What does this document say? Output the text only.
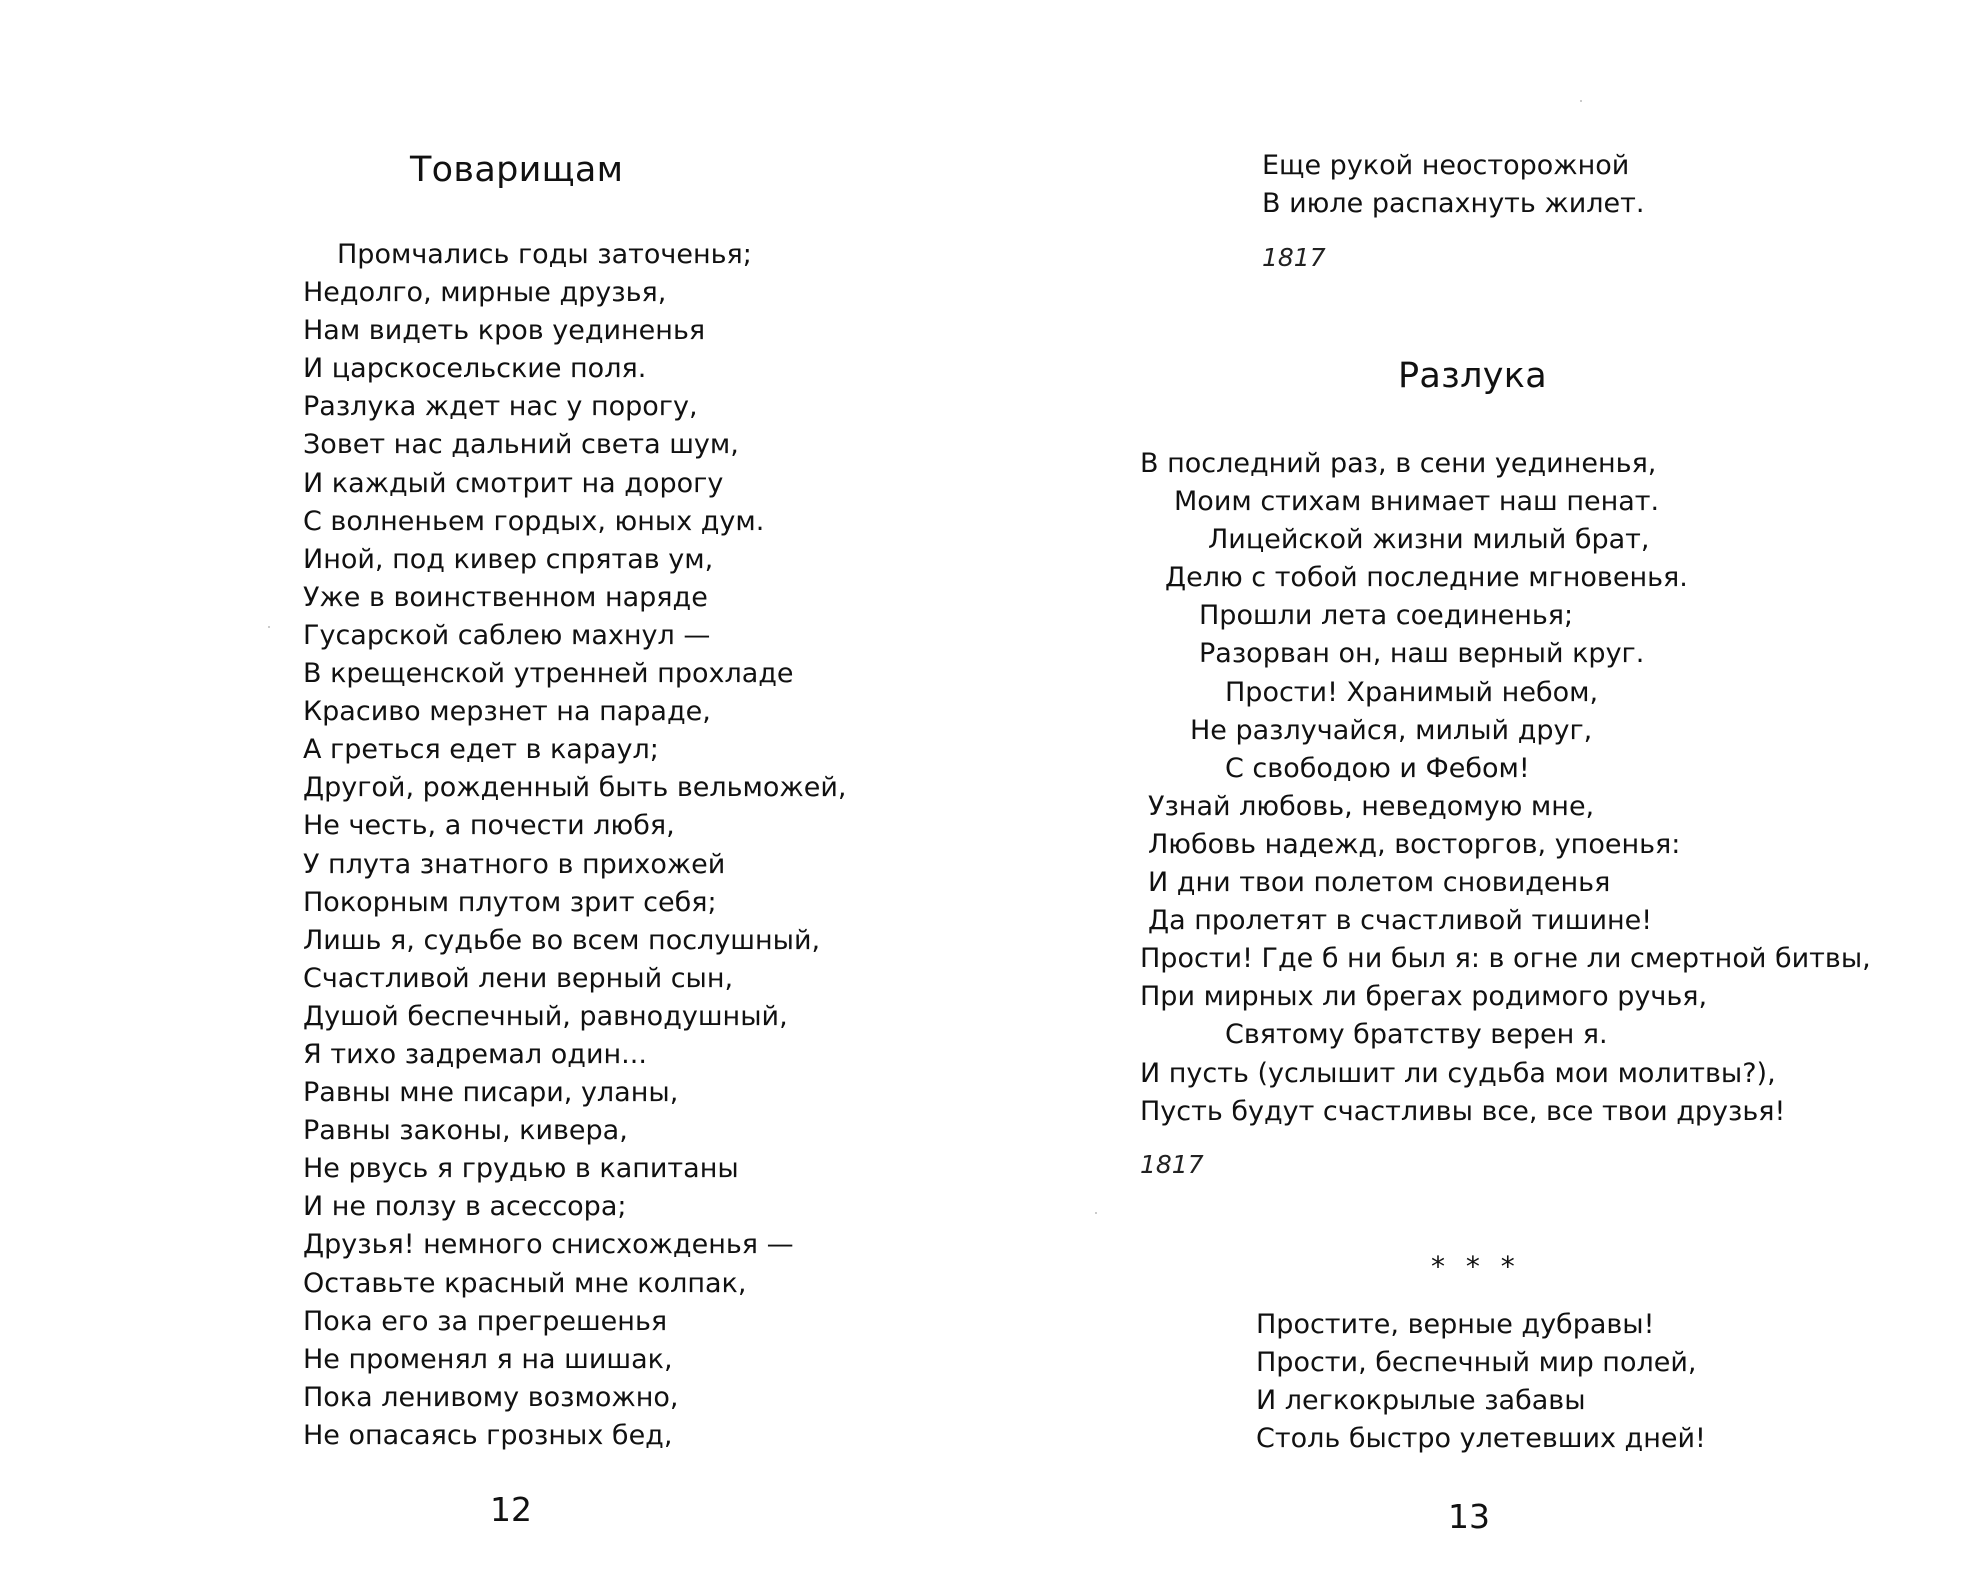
Товарищам
Промчались годы заточенья;
Недолго, мирные друзья,
Нам видеть кров уединенья
И царскосельские поля.
Разлука ждет нас у порогу,
Зовет нас дальний света шум,
И каждый смотрит на дорогу
С волненьем гордых, юных дум.
Иной, под кивер спрятав ум,
Уже в воинственном наряде
Гусарской саблею махнул —
В крещенской утренней прохладе
Красиво мерзнет на параде,
А греться едет в караул;
Другой, рожденный быть вельможей,
Не честь, а почести любя,
У плута знатного в прихожей
Покорным плутом зрит себя;
Лишь я, судьбе во всем послушный,
Счастливой лени верный сын,
Душой беспечный, равнодушный,
Я тихо задремал один...
Равны мне писари, уланы,
Равны законы, кивера,
Не рвусь я грудью в капитаны
И не ползу в асессора;
Друзья! немного снисхожденья —
Оставьте красный мне колпак,
Пока его за прегрешенья
Не променял я на шишак,
Пока ленивому возможно,
Не опасаясь грозных бед,

12

Еще рукой неосторожной
В июле распахнуть жилет.

1817

Разлука
В последний раз, в сени уединенья,
Моим стихам внимает наш пенат.
Лицейской жизни милый брат,
Делю с тобой последние мгновенья.
Прошли лета соединенья;
Разорван он, наш верный круг.
Прости! Хранимый небом,
Не разлучайся, милый друг,
С свободою и Фебом!
Узнай любовь, неведомую мне,
Любовь надежд, восторгов, упоенья:
И дни твои полетом сновиденья
Да пролетят в счастливой тишине!
Прости! Где б ни был я: в огне ли смертной битвы,
При мирных ли брегах родимого ручья,
Святому братству верен я.
И пусть (услышит ли судьба мои молитвы?),
Пусть будут счастливы все, все твои друзья!

1817

* * *

Простите, верные дубравы!
Прости, беспечный мир полей,
И легкокрылые забавы
Столь быстро улетевших дней!

13
